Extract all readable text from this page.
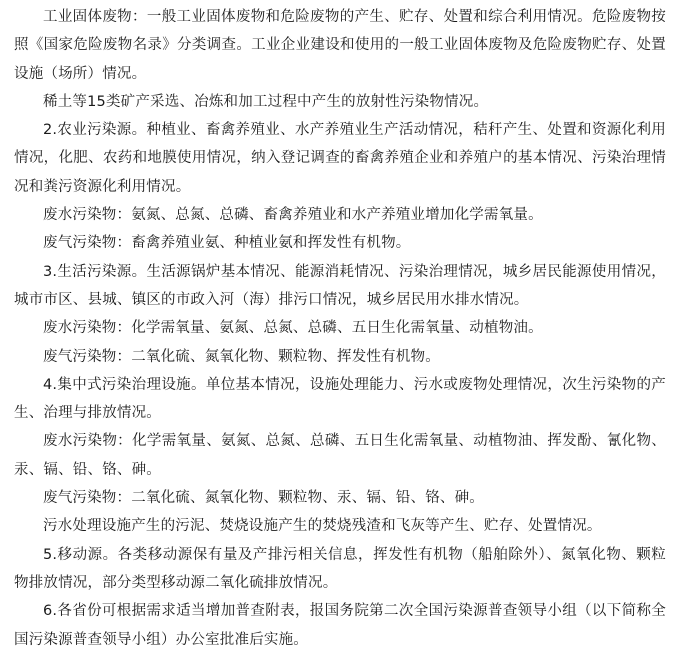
工业固体废物：一般工业固体废物和危险废物的产生、贮存、处置和综合利用情况。危险废物按照《国家危险废物名录》分类调查。工业企业建设和使用的一般工业固体废物及危险废物贮存、处置设施（场所）情况。

稀土等15类矿产采选、冶炼和加工过程中产生的放射性污染物情况。

2.农业污染源。种植业、畜禽养殖业、水产养殖业生产活动情况，秸秆产生、处置和资源化利用情况，化肥、农药和地膜使用情况，纳入登记调查的畜禽养殖企业和养殖户的基本情况、污染治理情况和粪污资源化利用情况。

废水污染物：氨氮、总氮、总磷、畜禽养殖业和水产养殖业增加化学需氧量。

废气污染物：畜禽养殖业氨、种植业氨和挥发性有机物。

3.生活污染源。生活源锅炉基本情况、能源消耗情况、污染治理情况，城乡居民能源使用情况，城市市区、县城、镇区的市政入河（海）排污口情况，城乡居民用水排水情况。

废水污染物：化学需氧量、氨氮、总氮、总磷、五日生化需氧量、动植物油。

废气污染物：二氧化硫、氮氧化物、颗粒物、挥发性有机物。

4.集中式污染治理设施。单位基本情况，设施处理能力、污水或废物处理情况，次生污染物的产生、治理与排放情况。

废水污染物：化学需氧量、氨氮、总氮、总磷、五日生化需氧量、动植物油、挥发酚、氰化物、汞、镉、铅、铬、砷。

废气污染物：二氧化硫、氮氧化物、颗粒物、汞、镉、铅、铬、砷。

污水处理设施产生的污泥、焚烧设施产生的焚烧残渣和飞灰等产生、贮存、处置情况。

5.移动源。各类移动源保有量及产排污相关信息，挥发性有机物（船舶除外）、氮氧化物、颗粒物排放情况，部分类型移动源二氧化硫排放情况。

6.各省份可根据需求适当增加普查附表，报国务院第二次全国污染源普查领导小组（以下简称全国污染源普查领导小组）办公室批准后实施。
